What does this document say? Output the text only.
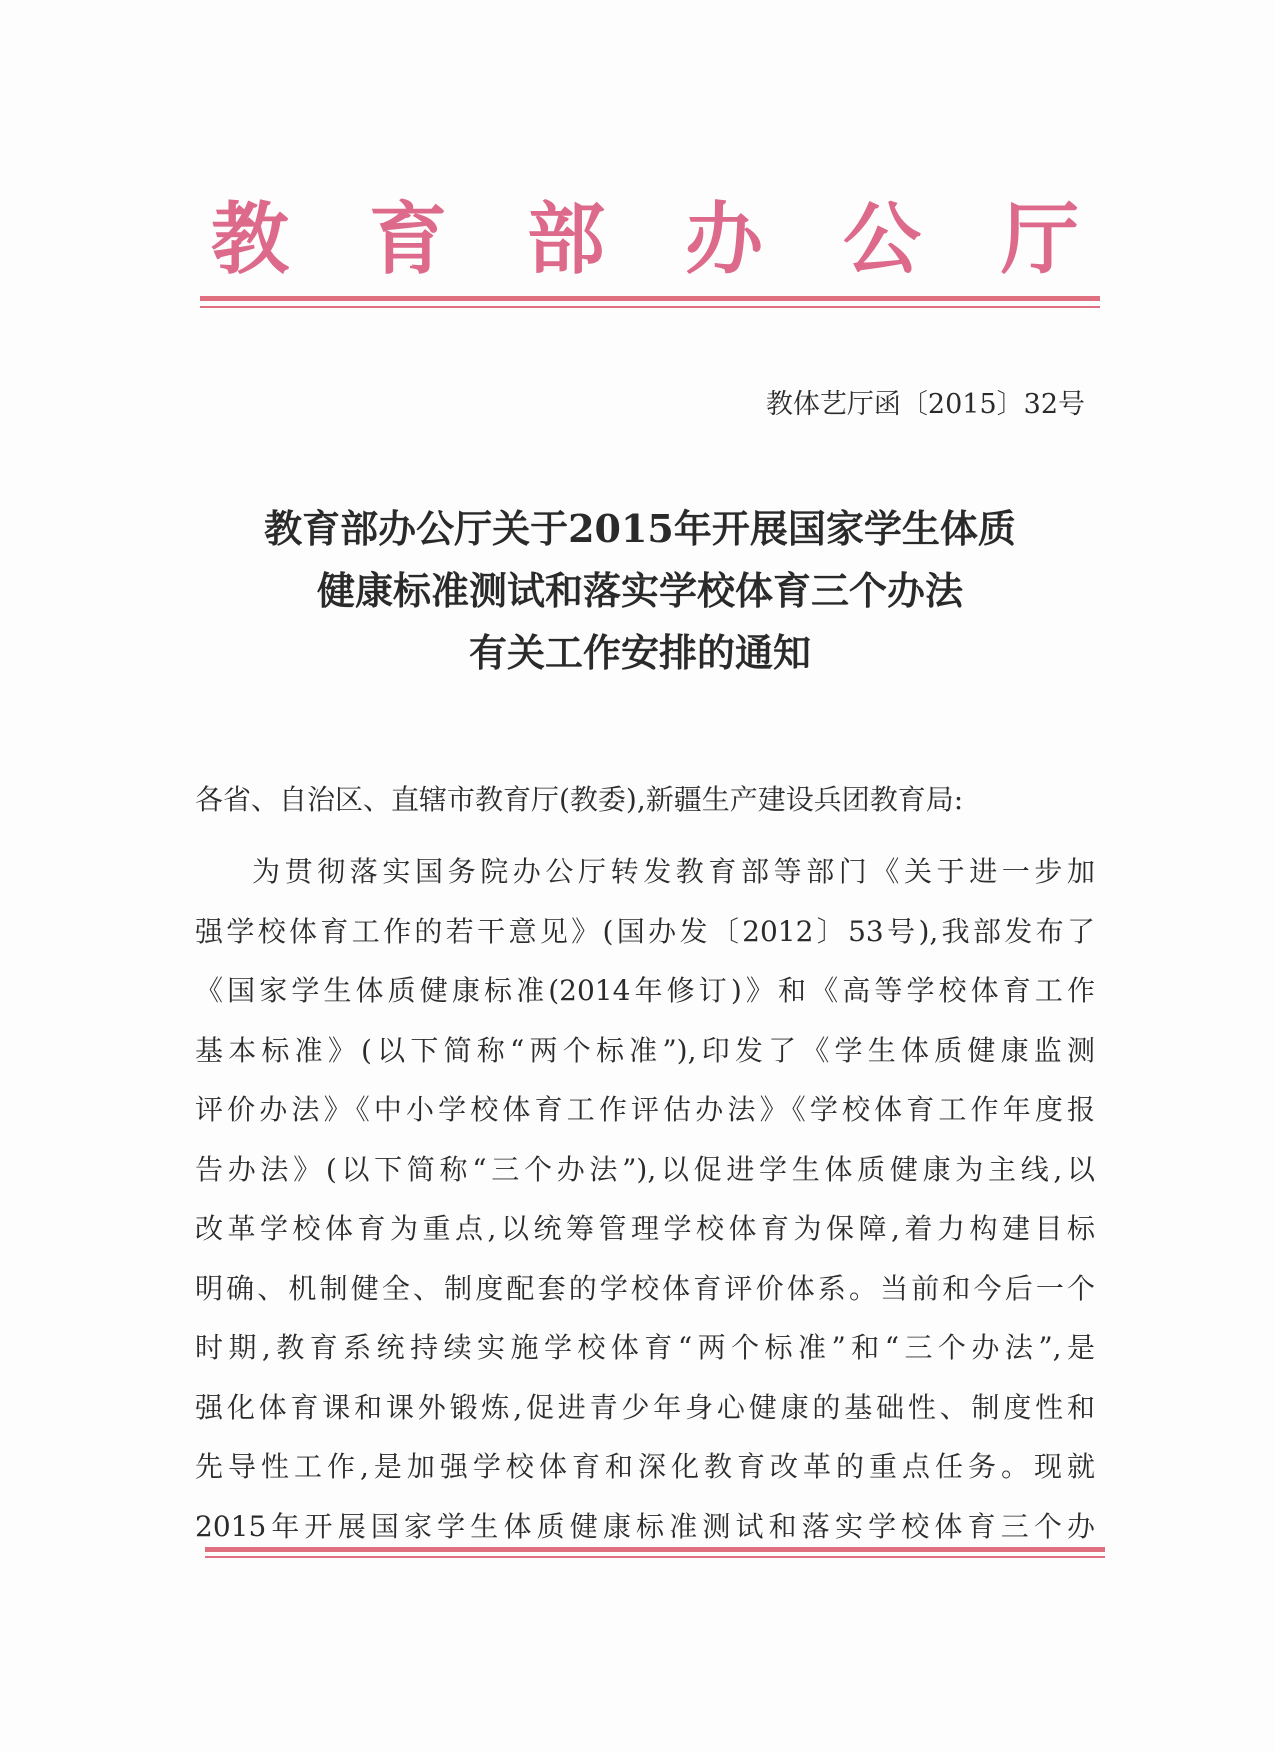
教 育 部 办 公 厅
教体艺厅函〔2015〕32号
教育部办公厅关于2015年开展国家学生体质
健康标准测试和落实学校体育三个办法
有关工作安排的通知
各省、自治区、直辖市教育厅(教委),新疆生产建设兵团教育局:
为贯彻落实国务院办公厅转发教育部等部门《关于进一步加
强学校体育工作的若干意见》(国办发〔2012〕53号),我部发布了
《国家学生体质健康标准(2014年修订)》和《高等学校体育工作
基本标准》(以下简称“两个标准”),印发了《学生体质健康监测
评价办法》《中小学校体育工作评估办法》《学校体育工作年度报
告办法》(以下简称“三个办法”),以促进学生体质健康为主线,以
改革学校体育为重点,以统筹管理学校体育为保障,着力构建目标
明确、机制健全、制度配套的学校体育评价体系。当前和今后一个
时期,教育系统持续实施学校体育“两个标准”和“三个办法”,是
强化体育课和课外锻炼,促进青少年身心健康的基础性、制度性和
先导性工作,是加强学校体育和深化教育改革的重点任务。现就
2015年开展国家学生体质健康标准测试和落实学校体育三个办
